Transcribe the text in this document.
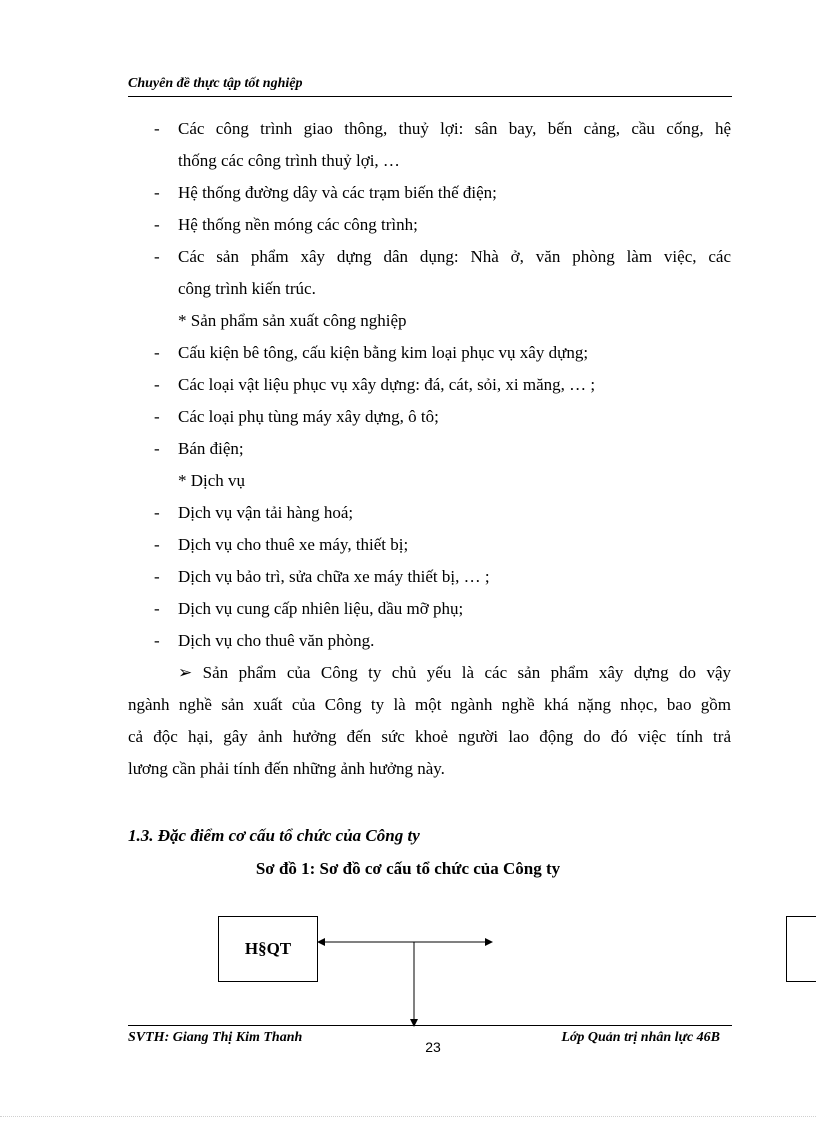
Chuyên đề thực tập tốt nghiệp
-
-
-
-
-
-
-
-
-
-
-
-
-
Các công trình giao thông, thuỷ lợi: sân bay, bến cảng, cầu cống, hệ
thống các công trình thuỷ lợi, …
Hệ thống đường dây và các trạm biến thế điện;
Hệ thống nền móng các công trình;
Các sản phẩm xây dựng dân dụng: Nhà ở, văn phòng làm việc, các
công trình kiến trúc.
* Sản phẩm sản xuất công nghiệp
Cấu kiện bê tông, cấu kiện bằng kim loại phục vụ xây dựng;
Các loại vật liệu phục vụ xây dựng: đá, cát, sỏi, xi măng, … ;
Các loại phụ tùng máy xây dựng, ô tô;
Bán điện;
* Dịch vụ
Dịch vụ vận tải hàng hoá;
Dịch vụ cho thuê xe máy, thiết bị;
Dịch vụ bảo trì, sửa chữa xe máy thiết bị, … ;
Dịch vụ cung cấp nhiên liệu, dầu mỡ phụ;
Dịch vụ cho thuê văn phòng.
➢ Sản phẩm của Công ty chủ yếu là các sản phẩm xây dựng do vậy
ngành nghề sản xuất của Công ty là một ngành nghề khá nặng nhọc, bao gồm
cả độc hại, gây ảnh hưởng đến sức khoẻ người lao động do đó việc tính trả
lương cần phải tính đến những ảnh hưởng này.
1.3. Đặc điểm cơ cấu tổ chức của Công ty
Sơ đồ 1: Sơ đồ cơ cấu tổ chức của Công ty
H§QT
SVTH: Giang Thị Kim Thanh
23
Lớp Quản trị nhân lực 46B
